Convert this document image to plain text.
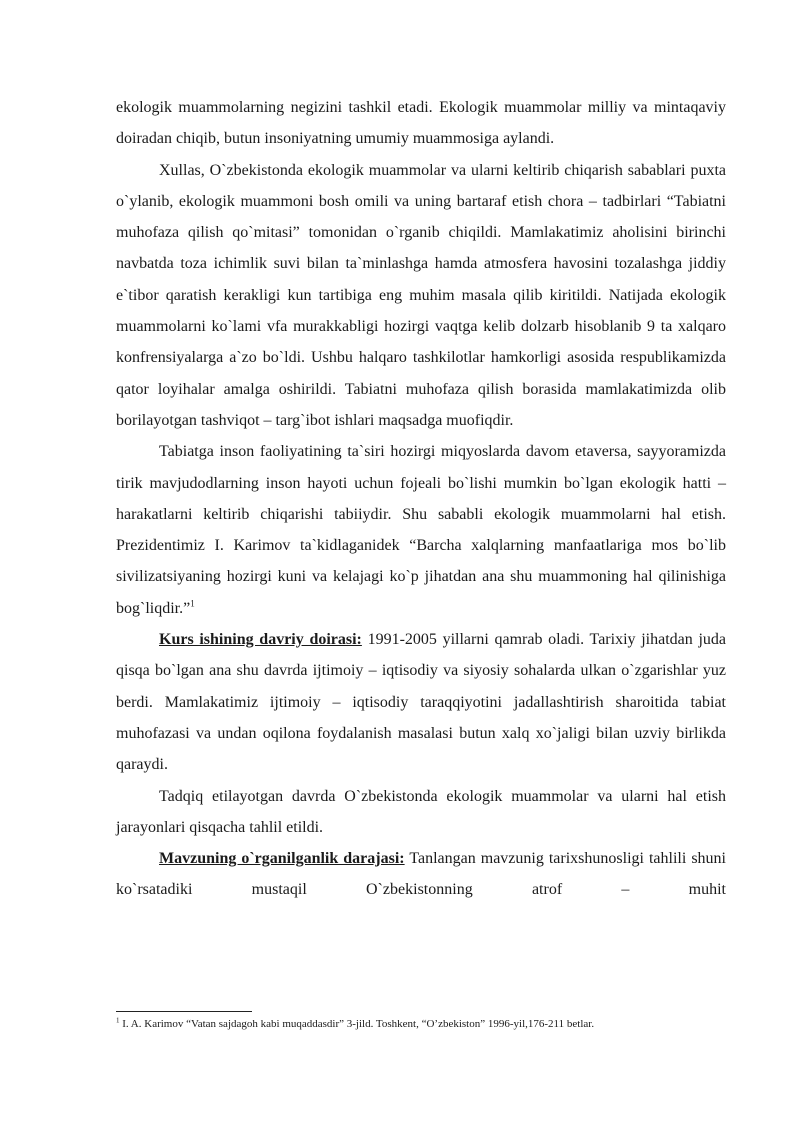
ekologik muammolarning negizini tashkil etadi. Ekologik muammolar milliy va mintaqaviy doiradan chiqib, butun insoniyatning umumiy muammosiga aylandi.

Xullas, O`zbekistonda ekologik muammolar va ularni keltirib chiqarish sabablari puxta o`ylanib, ekologik muammoni bosh omili va uning bartaraf etish chora – tadbirlari “Tabiatni muhofaza qilish qo`mitasi” tomonidan o`rganib chiqildi. Mamlakatimiz aholisini birinchi navbatda toza ichimlik suvi bilan ta`minlashga hamda atmosfera havosini tozalashga jiddiy e`tibor qaratish kerakligi kun tartibiga eng muhim masala qilib kiritildi. Natijada ekologik muammolarni ko`lami vfa murakkabligi hozirgi vaqtga kelib dolzarb hisoblanib 9 ta xalqaro konfrensiyalarga a`zo bo`ldi. Ushbu halqaro tashkilotlar hamkorligi asosida respublikamizda qator loyihalar amalga oshirildi. Tabiatni muhofaza qilish borasida mamlakatimizda olib borilayotgan tashviqot – targ`ibot ishlari maqsadga muofiqdir.

Tabiatga inson faoliyatining ta`siri hozirgi miqyoslarda davom etaversa, sayyoramizda tirik mavjudodlarning inson hayoti uchun fojeali bo`lishi mumkin bo`lgan ekologik hatti – harakatlarni keltirib chiqarishi tabiiydir. Shu sababli ekologik muammolarni hal etish. Prezidentimiz I. Karimov ta`kidlaganidek “Barcha xalqlarning manfaatlariga mos bo`lib sivilizatsiyaning hozirgi kuni va kelajagi ko`p jihatdan ana shu muammoning hal qilinishiga bog`liqdir.”$^1$

Kurs ishining davriy doirasi: 1991-2005 yillarni qamrab oladi. Tarixiy jihatdan juda qisqa bo`lgan ana shu davrda ijtimoiy – iqtisodiy va siyosiy sohalarda ulkan o`zgarishlar yuz berdi. Mamlakatimiz ijtimoiy – iqtisodiy taraqqiyotini jadallashtirish sharoitida tabiat muhofazasi va undan oqilona foydalanish masalasi butun xalq xo`jaligi bilan uzviy birlikda qaraydi.

Tadqiq etilayotgan davrda O`zbekistonda ekologik muammolar va ularni hal etish jarayonlari qisqacha tahlil etildi.

Mavzuning o`rganilganlik darajasi: Tanlangan mavzunig tarixshunosligi tahlili shuni ko`rsatadiki mustaqil O`zbekistonning atrof – muhit

$^1$ I. A. Karimov “Vatan sajdagoh kabi muqaddasdir” 3-jild. Toshkent, “O’zbekiston” 1996-yil,176-211 betlar.
